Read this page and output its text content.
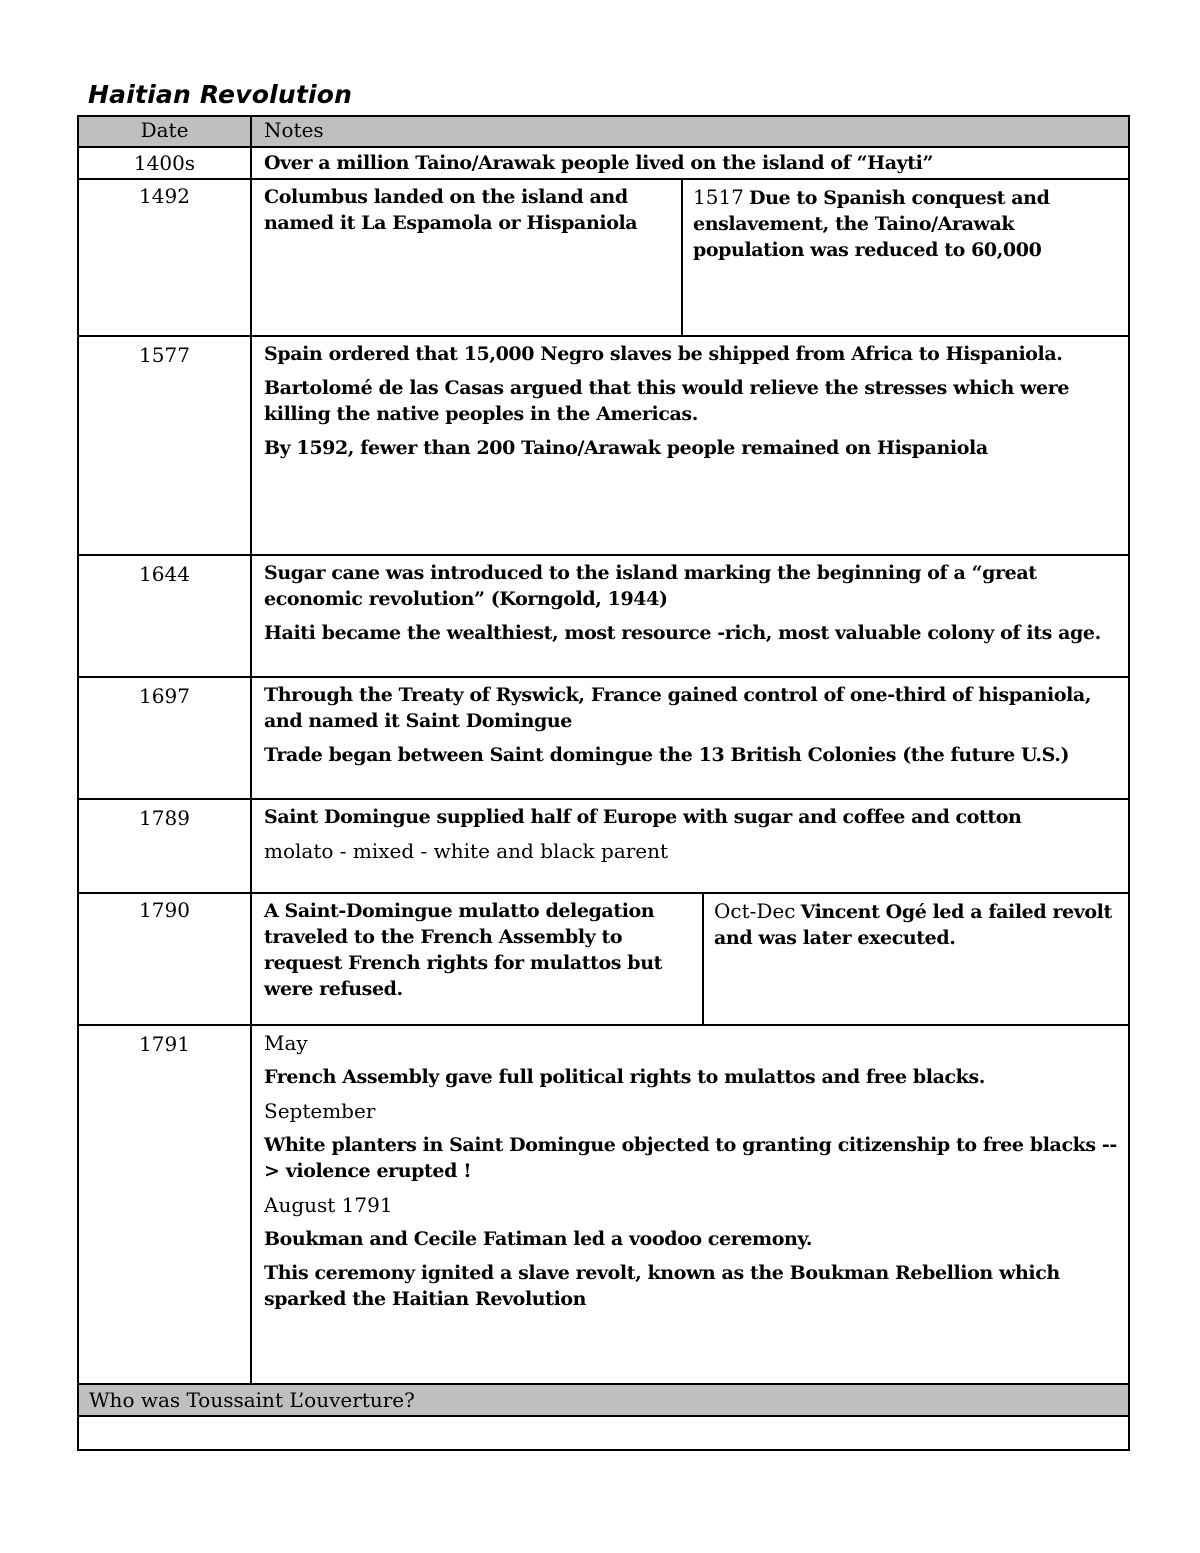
Haitian Revolution
Date	Notes
1400s	Over a million Taino/Arawak people lived on the island of “Hayti”
1492	Columbus landed on the island and named it La Espamola or Hispaniola
1517 Due to Spanish conquest and enslavement, the Taino/Arawak population was reduced to 60,000
1577	Spain ordered that 15,000 Negro slaves be shipped from Africa to Hispaniola.

Bartolomé de las Casas argued that this would relieve the stresses which were killing the native peoples in the Americas.

By 1592, fewer than 200 Taino/Arawak people remained on Hispaniola

1644	Sugar cane was introduced to the island marking the beginning of a “great economic revolution” (Korngold, 1944)

Haiti became the wealthiest, most resource -rich, most valuable colony of its age.

1697	Through the Treaty of Ryswick, France gained control of one-third of hispaniola, and named it Saint Domingue

Trade began between Saint domingue the 13 British Colonies (the future U.S.)

1789	Saint Domingue supplied half of Europe with sugar and coffee and cotton

molato - mixed - white and black parent

1790	A Saint-Domingue mulatto delegation traveled to the French Assembly to request French rights for mulattos but were refused.
Oct-Dec Vincent Ogé led a failed revolt and was later executed.
1791	May

French Assembly gave full political rights to mulattos and free blacks.

September

White planters in Saint Domingue objected to granting citizenship to free blacks --> violence erupted !

August 1791

Boukman and Cecile Fatiman led a voodoo ceremony.

This ceremony ignited a slave revolt, known as the Boukman Rebellion which sparked the Haitian Revolution

Who was Toussaint L’ouverture?
